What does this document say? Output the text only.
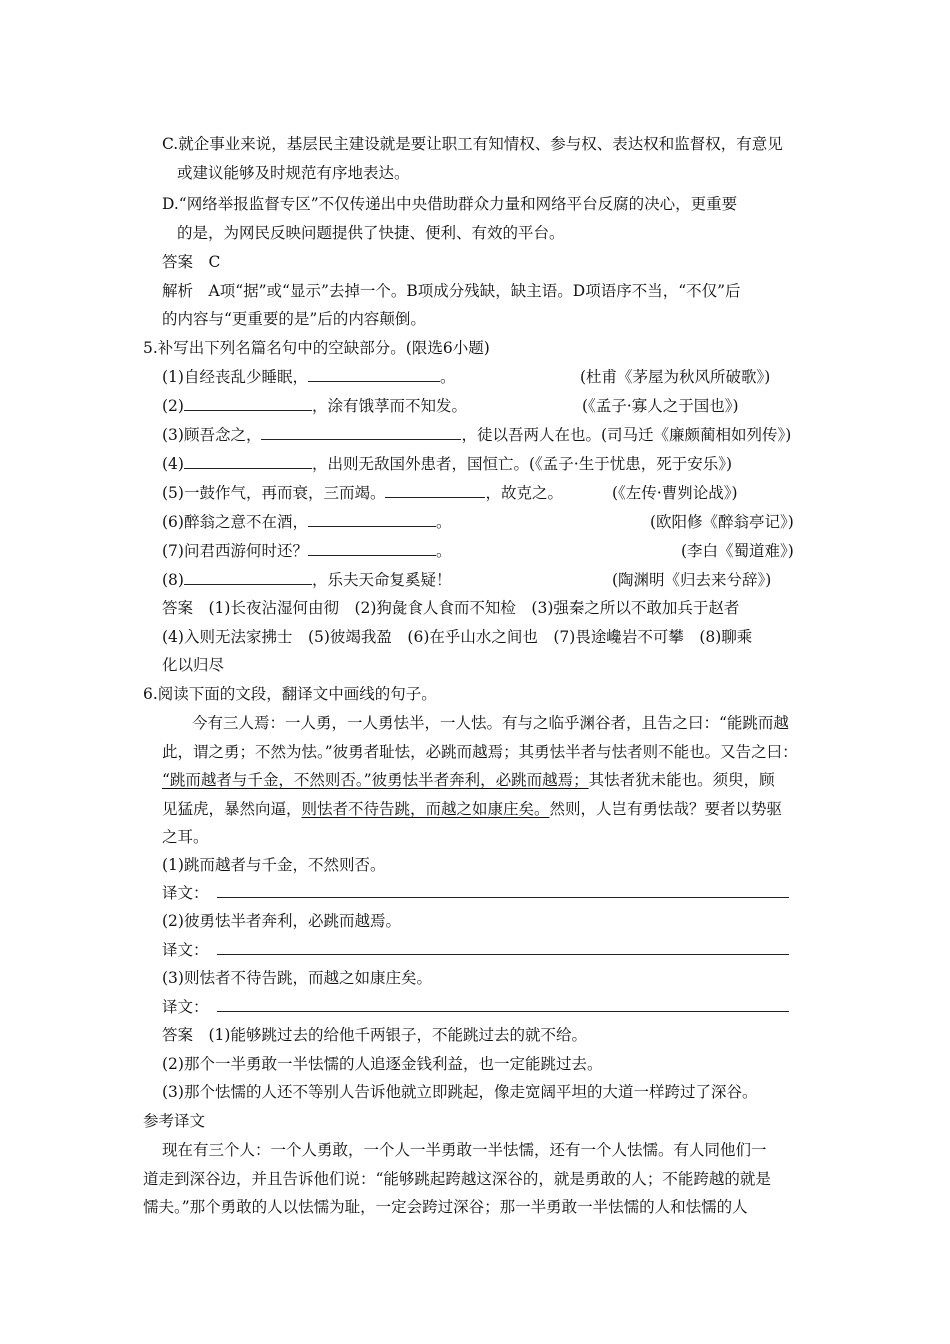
C.就企事业来说，基层民主建设就是要让职工有知情权、参与权、表达权和监督权，有意见
或建议能够及时规范有序地表达。
D.“网络举报监督专区”不仅传递出中央借助群众力量和网络平台反腐的决心，更重要
的是，为网民反映问题提供了快捷、便利、有效的平台。
答案　C
解析　A项“据”或“显示”去掉一个。B项成分残缺，缺主语。D项语序不当，“不仅”后
的内容与“更重要的是”后的内容颠倒。
5.补写出下列名篇名句中的空缺部分。(限选6小题)
(1)自经丧乱少睡眠，	。	(杜甫《茅屋为秋风所破歌》)
(2)	，涂有饿莩而不知发。	(《孟子·寡人之于国也》)
(3)顾吾念之，	，徒以吾两人在也。(司马迁《廉颇蔺相如列传》)
(4)	，出则无敌国外患者，国恒亡。(《孟子·生于忧患，死于安乐》)
(5)一鼓作气，再而衰，三而竭。	，故克之。	(《左传·曹刿论战》)
(6)醉翁之意不在酒，	。	(欧阳修《醉翁亭记》)
(7)问君西游何时还？	。	(李白《蜀道难》)
(8)	，乐夫天命复奚疑！	(陶渊明《归去来兮辞》)
答案　(1)长夜沾湿何由彻　(2)狗彘食人食而不知检　(3)强秦之所以不敢加兵于赵者
(4)入则无法家拂士　(5)彼竭我盈　(6)在乎山水之间也　(7)畏途巉岩不可攀　(8)聊乘
化以归尽
6.阅读下面的文段，翻译文中画线的句子。
今有三人焉：一人勇，一人勇怯半，一人怯。有与之临乎渊谷者，且告之曰：“能跳而越
此，谓之勇；不然为怯。”彼勇者耻怯，必跳而越焉；其勇怯半者与怯者则不能也。又告之曰：
“跳而越者与千金，不然则否。”彼勇怯半者奔利，必跳而越焉；其怯者犹未能也。须臾，顾
见猛虎，暴然向逼，则怯者不待告跳，而越之如康庄矣。然则，人岂有勇怯哉？要者以势驱
之耳。
(1)跳而越者与千金，不然则否。
译文：
(2)彼勇怯半者奔利，必跳而越焉。
译文：
(3)则怯者不待告跳，而越之如康庄矣。
译文：
答案　(1)能够跳过去的给他千两银子，不能跳过去的就不给。
(2)那个一半勇敢一半怯懦的人追逐金钱利益，也一定能跳过去。
(3)那个怯懦的人还不等别人告诉他就立即跳起，像走宽阔平坦的大道一样跨过了深谷。
参考译文
现在有三个人：一个人勇敢，一个人一半勇敢一半怯懦，还有一个人怯懦。有人同他们一
道走到深谷边，并且告诉他们说：“能够跳起跨越这深谷的，就是勇敢的人；不能跨越的就是
懦夫。”那个勇敢的人以怯懦为耻，一定会跨过深谷；那一半勇敢一半怯懦的人和怯懦的人
